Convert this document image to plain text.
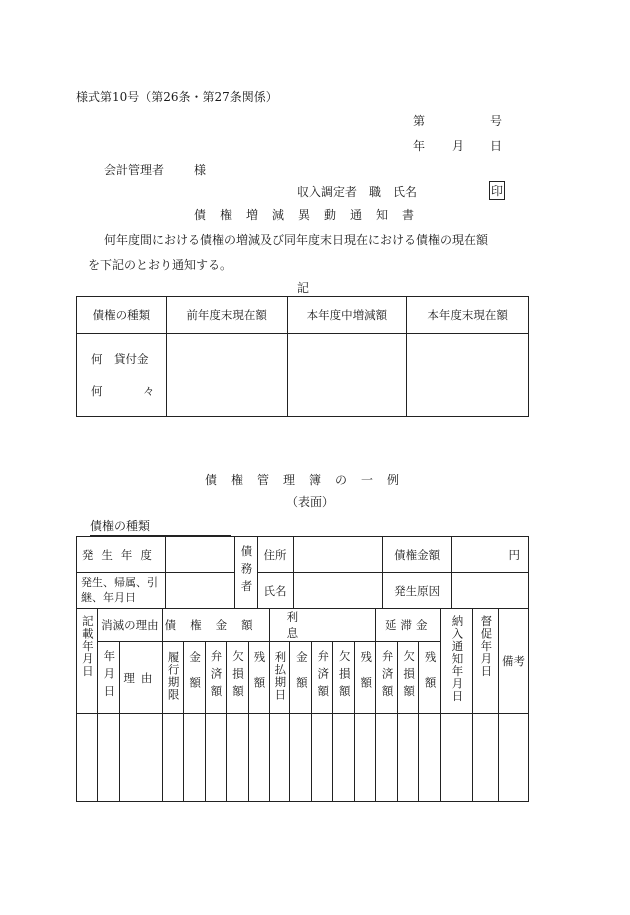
様式第10号（第26条・第27条関係）
第	号
年 月 日
会計管理者 様
収入調定者　職　氏名	印
債権増減異動通知書
何年度間における債権の増減及び同年度末日現在における債権の現在額
を下記のとおり通知する。
記
債権の種類	前年度末現在額	本年度中増減額	本年度末現在額

何　貸付金
何 々			

債権管理簿の一例
（表面）
債権の種類
発生年度		債務者	住所		債権金額	円
発生、帰属、引継、年月日			氏名		発生原因	
記載年月日	消滅の理由		債権金額					利息					延滞金			納入通知年月日	督促年月日	備考
	年月日	理由	履行期限	金額	弁済額	欠損額	残額	利払期日	金額	弁済額	欠損額	残額	弁済額	欠損額	残額			
